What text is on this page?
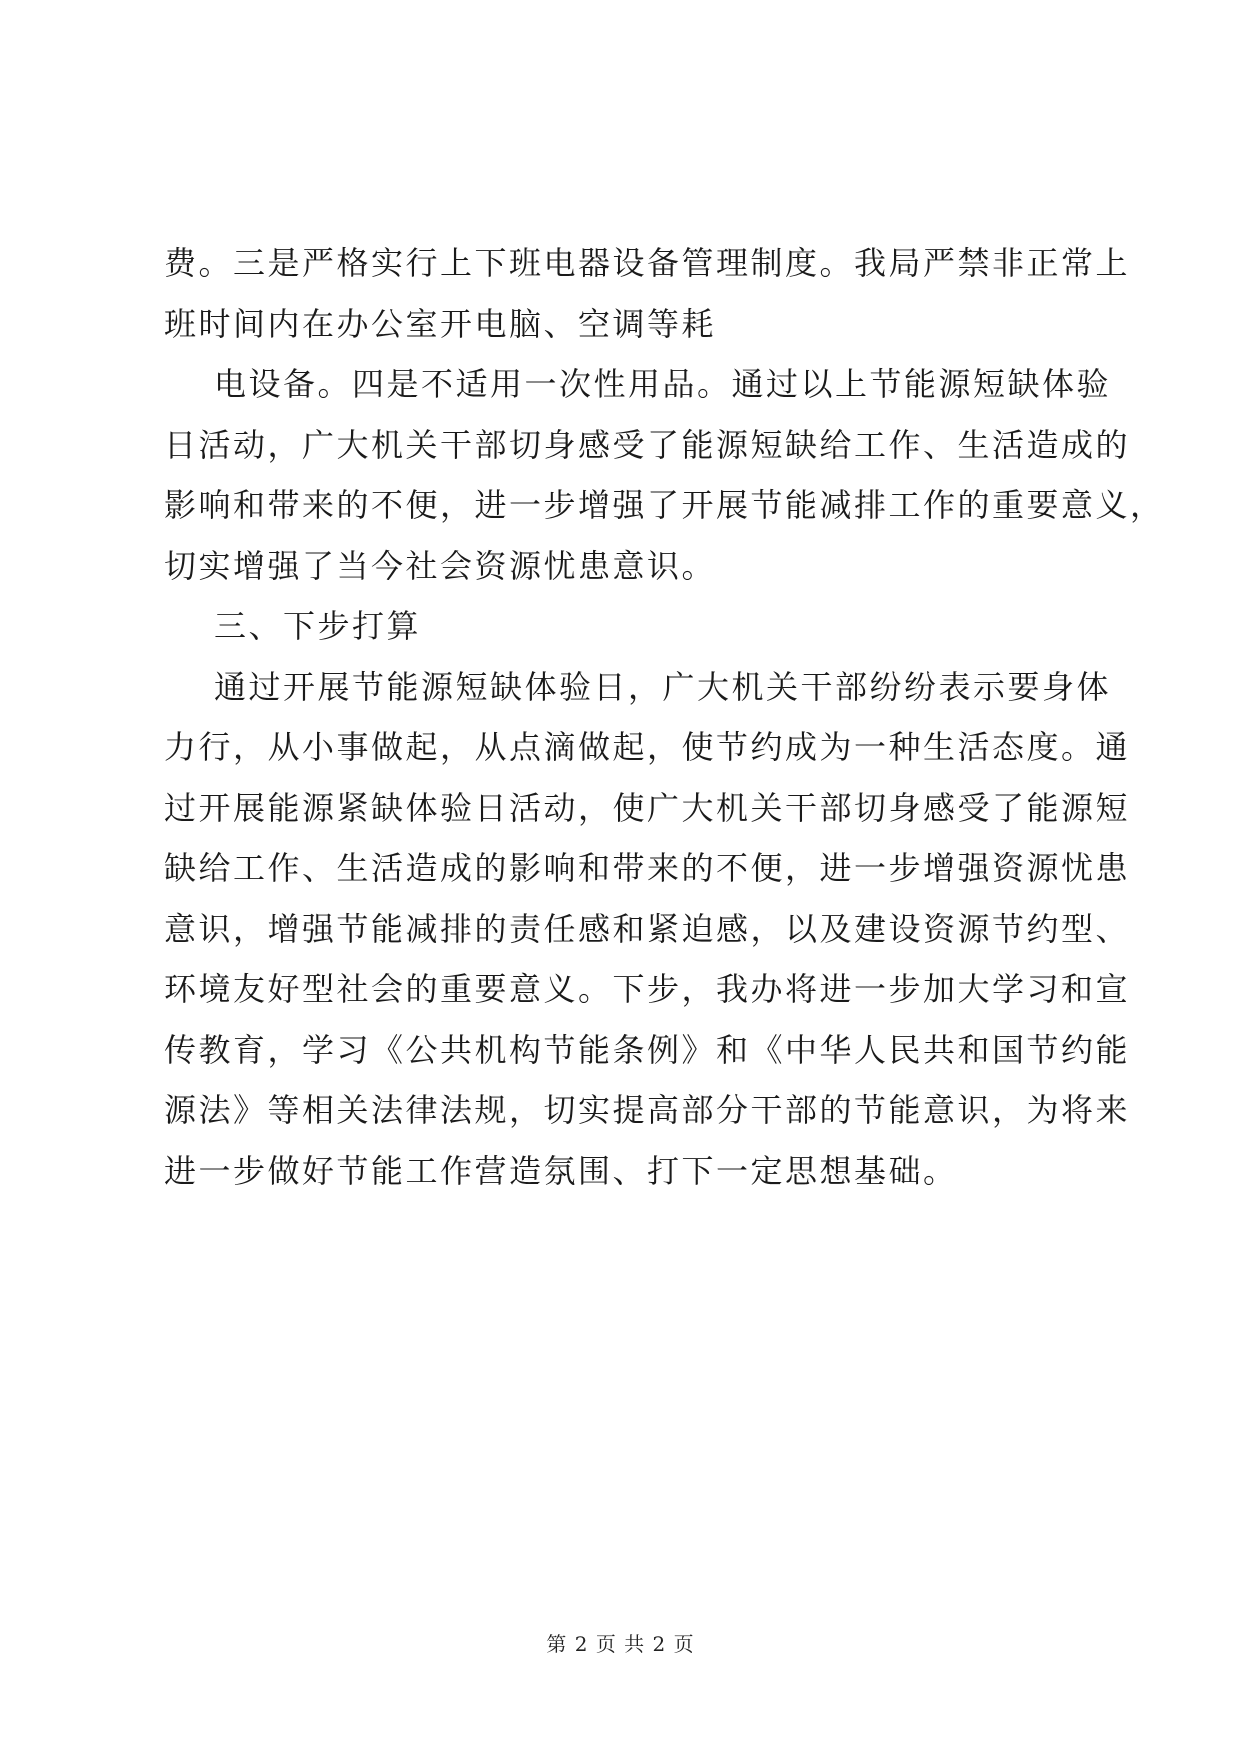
费。三是严格实行上下班电器设备管理制度。我局严禁非正常上
班时间内在办公室开电脑、空调等耗
电设备。四是不适用一次性用品。通过以上节能源短缺体验
日活动，广大机关干部切身感受了能源短缺给工作、生活造成的
影响和带来的不便，进一步增强了开展节能减排工作的重要意义，
切实增强了当今社会资源忧患意识。
三、下步打算
通过开展节能源短缺体验日，广大机关干部纷纷表示要身体
力行，从小事做起，从点滴做起，使节约成为一种生活态度。通
过开展能源紧缺体验日活动，使广大机关干部切身感受了能源短
缺给工作、生活造成的影响和带来的不便，进一步增强资源忧患
意识，增强节能减排的责任感和紧迫感，以及建设资源节约型、
环境友好型社会的重要意义。下步，我办将进一步加大学习和宣
传教育，学习《公共机构节能条例》和《中华人民共和国节约能
源法》等相关法律法规，切实提高部分干部的节能意识，为将来
进一步做好节能工作营造氛围、打下一定思想基础。
第 2 页 共 2 页
